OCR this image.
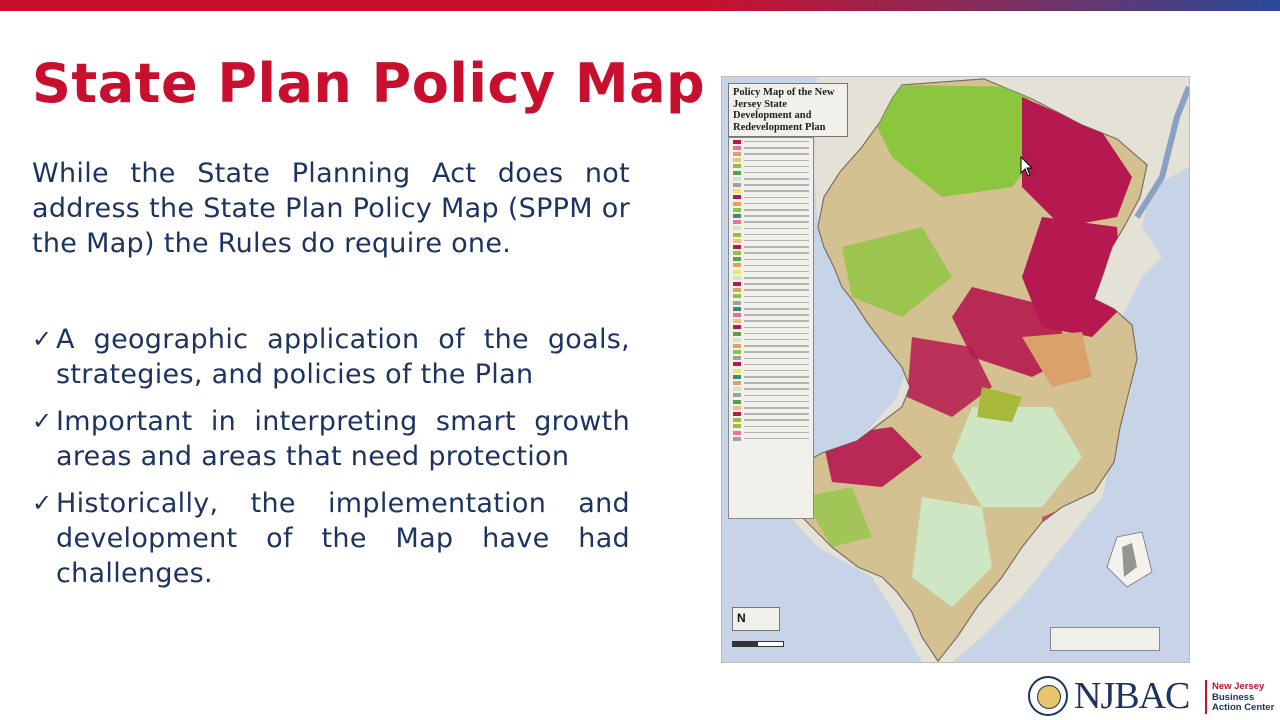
State Plan Policy Map

While the State Planning Act does not address the State Plan Policy Map (SPPM or the Map) the Rules do require one.

✓ A geographic application of the goals, strategies, and policies of the Plan
✓ Important in interpreting smart growth areas and areas that need protection
✓ Historically, the implementation and development of the Map have had challenges.
Policy Map of the New Jersey State Development and Redevelopment Plan
N
NJBAC New Jersey
Business
Action Center
